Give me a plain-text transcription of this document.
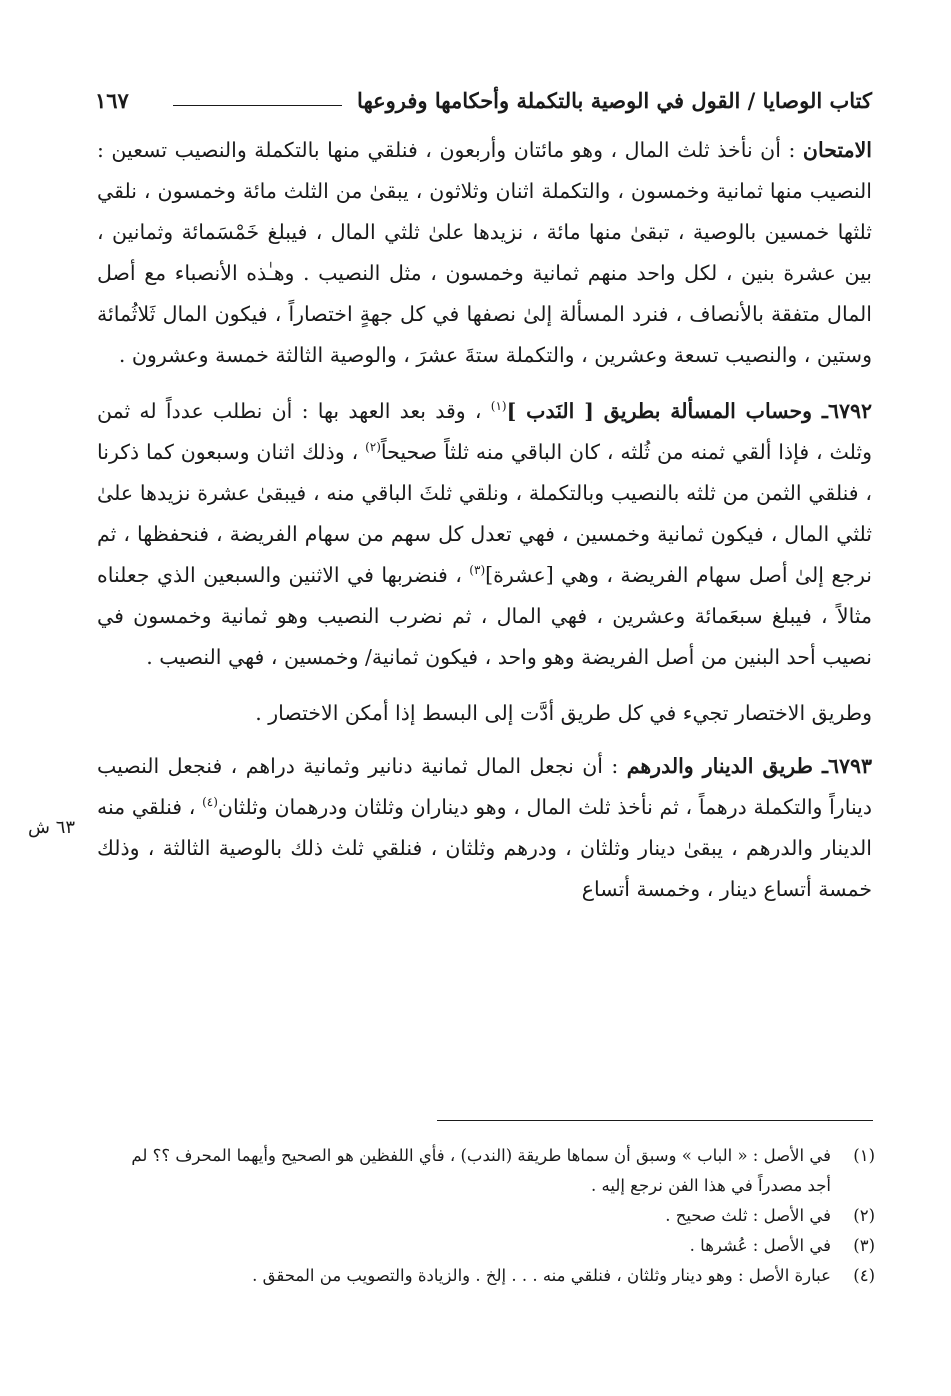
كتاب الوصايا / القول في الوصية بالتكملة وأحكامها وفروعها
١٦٧

الامتحان : أن نأخذ ثلث المال ، وهو مائتان وأربعون ، فنلقي منها بالتكملة والنصيب تسعين : النصيب منها ثمانية وخمسون ، والتكملة اثنان وثلاثون ، يبقىٰ من الثلث مائة وخمسون ، نلقي ثلثها خمسين بالوصية ، تبقىٰ منها مائة ، نزيدها علىٰ ثلثي المال ، فيبلغ خَمْسَمائة وثمانين ، بين عشرة بنين ، لكل واحد منهم ثمانية وخمسون ، مثل النصيب . وهـٰذه الأنصباء مع أصل المال متفقة بالأنصاف ، فنرد المسألة إلىٰ نصفها في كل جهةٍ اختصاراً ، فيكون المال ثَلاثُمائة وستين ، والنصيب تسعة وعشرين ، والتكملة ستةَ عشرَ ، والوصية الثالثة خمسة وعشرون .

٦٧٩٢ـ وحساب المسألة بطريق [ النَدب ]$^{(١)}$ ، وقد بعد العهد بها : أن نطلب عدداً له ثمن وثلث ، فإذا ألقي ثمنه من ثُلثه ، كان الباقي منه ثلثاً صحيحاً$^{(٢)}$ ، وذلك اثنان وسبعون كما ذكرنا ، فنلقي الثمن من ثلثه بالنصيب وبالتكملة ، ونلقي ثلثَ الباقي منه ، فيبقىٰ عشرة نزيدها علىٰ ثلثي المال ، فيكون ثمانية وخمسين ، فهي تعدل كل سهم من سهام الفريضة ، فنحفظها ، ثم نرجع إلىٰ أصل سهام الفريضة ، وهي [عشرة]$^{(٣)}$ ، فنضربها في الاثنين والسبعين الذي جعلناه مثالاً ، فيبلغ سبعَمائة وعشرين ، فهي المال ، ثم نضرب النصيب وهو ثمانية وخمسون في نصيب أحد البنين من أصل الفريضة وهو واحد ، فيكون ثمانية/ وخمسين ، فهي النصيب .

وطريق الاختصار تجيء في كل طريق أدَّت إلى البسط إذا أمكن الاختصار .

٦٧٩٣ـ طريق الدينار والدرهم : أن نجعل المال ثمانية دنانير وثمانية دراهم ، فنجعل النصيب ديناراً والتكملة درهماً ، ثم نأخذ ثلث المال ، وهو ديناران وثلثان ودرهمان وثلثان$^{(٤)}$ ، فنلقي منه الدينار والدرهم ، يبقىٰ دينار وثلثان ، ودرهم وثلثان ، فنلقي ثلث ذلك بالوصية الثالثة ، وذلك خمسة أتساع دينار ، وخمسة أتساع

٦٣ ش
(١)
في الأصل : « الباب » وسبق أن سماها طريقة (الندب) ، فأي اللفظين هو الصحيح وأيهما المحرف ؟؟ لم أجد مصدراً في هذا الفن نرجع إليه .
(٢)
في الأصل : ثلث صحيح .
(٣)
في الأصل : عُشرها .
(٤)
عبارة الأصل : وهو دينار وثلثان ، فنلقي منه . . . إلخ . والزيادة والتصويب من المحقق .
